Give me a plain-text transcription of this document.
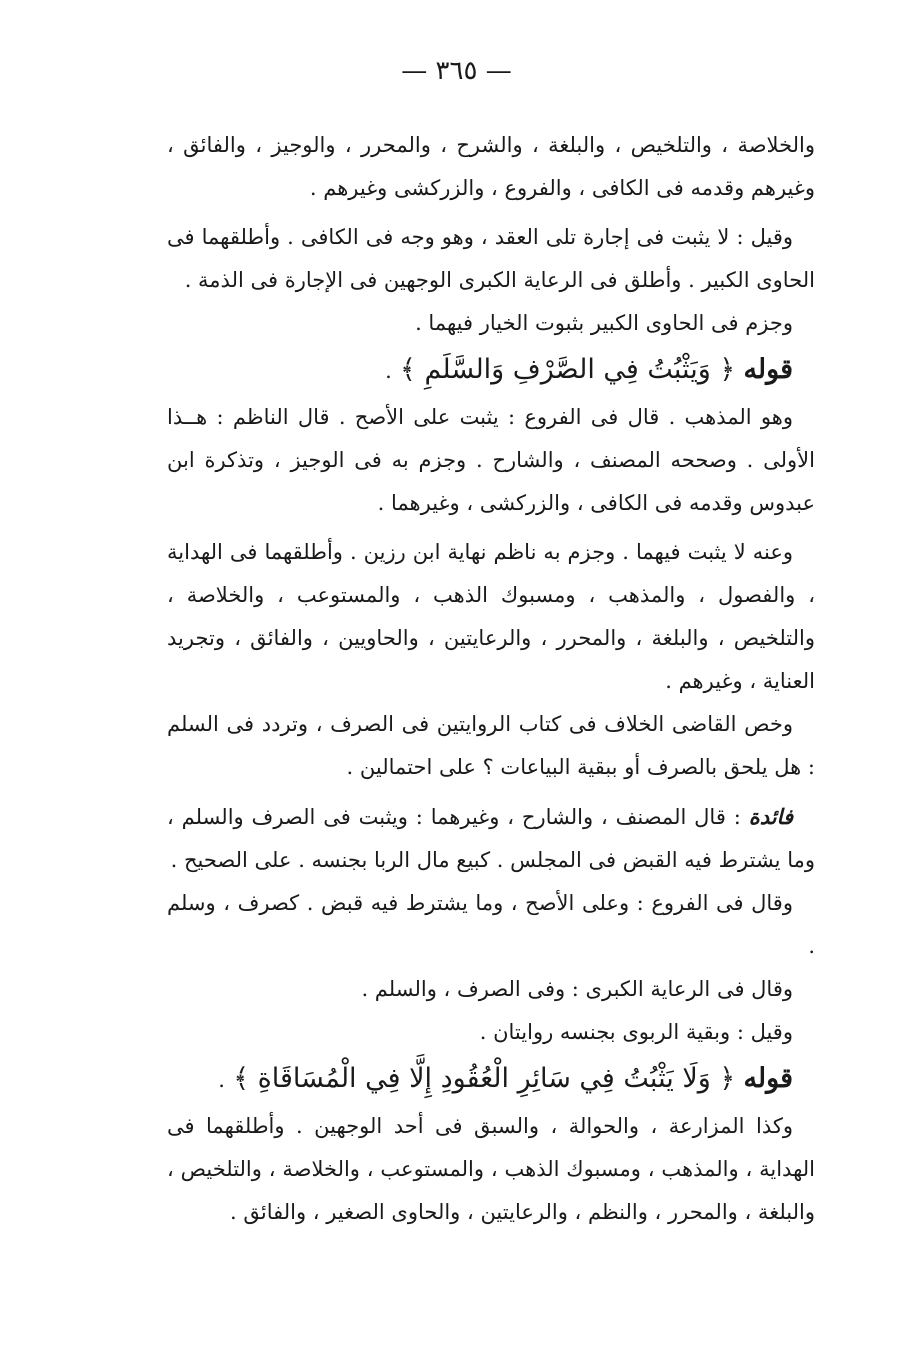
— ٣٦٥ —

والخلاصة ، والتلخيص ، والبلغة ، والشرح ، والمحرر ، والوجيز ، والفائق ، وغيرهم وقدمه فى الكافى ، والفروع ، والزركشى وغيرهم .

وقيل : لا يثبت فى إجارة تلى العقد ، وهو وجه فى الكافى . وأطلقهما فى الحاوى الكبير . وأطلق فى الرعاية الكبرى الوجهين فى الإجارة فى الذمة .

وجزم فى الحاوى الكبير بثبوت الخيار فيهما .

قوله ﴿ وَيَثْبُتُ فِي الصَّرْفِ وَالسَّلَمِ ﴾ .

وهو المذهب . قال فى الفروع : يثبت على الأصح . قال الناظم : هــذا الأولى . وصححه المصنف ، والشارح . وجزم به فى الوجيز ، وتذكرة ابن عبدوس وقدمه فى الكافى ، والزركشى ، وغيرهما .

وعنه لا يثبت فيهما . وجزم به ناظم نهاية ابن رزين . وأطلقهما فى الهداية ، والفصول ، والمذهب ، ومسبوك الذهب ، والمستوعب ، والخلاصة ، والتلخيص ، والبلغة ، والمحرر ، والرعايتين ، والحاويين ، والفائق ، وتجريد العناية ، وغيرهم .

وخص القاضى الخلاف فى كتاب الروايتين فى الصرف ، وتردد فى السلم : هل يلحق بالصرف أو ببقية البياعات ؟ على احتمالين .

فائدة : قال المصنف ، والشارح ، وغيرهما : ويثبت فى الصرف والسلم ، وما يشترط فيه القبض فى المجلس . كبيع مال الربا بجنسه . على الصحيح .

وقال فى الفروع : وعلى الأصح ، وما يشترط فيه قبض . كصرف ، وسلم .

وقال فى الرعاية الكبرى : وفى الصرف ، والسلم .

وقيل : وبقية الربوى بجنسه روايتان .

قوله ﴿ وَلَا يَثْبُتُ فِي سَائِرِ الْعُقُودِ إِلَّا فِي الْمُسَاقَاةِ ﴾ .

وكذا المزارعة ، والحوالة ، والسبق فى أحد الوجهين . وأطلقهما فى الهداية ، والمذهب ، ومسبوك الذهب ، والمستوعب ، والخلاصة ، والتلخيص ، والبلغة ، والمحرر ، والنظم ، والرعايتين ، والحاوى الصغير ، والفائق .
